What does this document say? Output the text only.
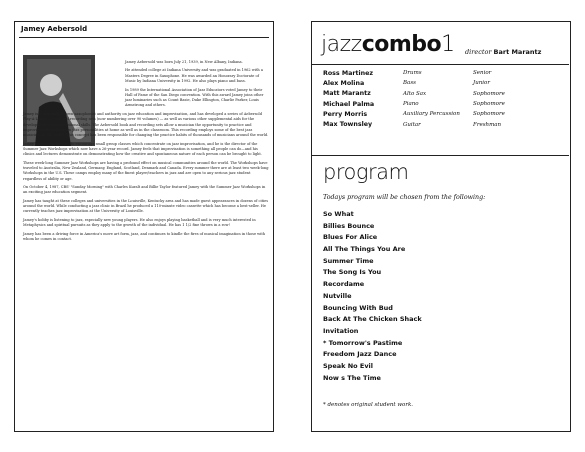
Jamey Aebersold

Jamey Aebersold was born July 21, 1939, in New Albany, Indiana.

He attended college at Indiana University and was graduated in 1962 with a Masters Degree in Saxophone. He was awarded an Honorary Doctorate of Music by Indiana University in 1992. He also plays piano and bass.

In 1989 the International Association of Jazz Educators voted Jamey to their Hall of Fame of the San Diego convention. With this award Jamey joins other jazz luminaries such as Count Basie, Duke Ellington, Charlie Parker, Louis Armstrong and others.

Jamey is a nationally-known saxophonist and authority on jazz education and improvisation, and has developed a series of Aebersold Play-A-Longs — book and recording sets (now numbering over 90 volumes) — as well as various other supplemental aids for the development of improvisational skills. The Aebersold book and recording sets allow a musician the opportunity to practice and improvise with well-known jazz personalities at home as well as in the classroom. This recording employs some of the best jazz musicians in the world. This concept has been responsible for changing the practice habits of thousands of musicians around the world.

Jamey was one of the first to encourage small group classes which concentrate on jazz improvisation, and he is the director of the Summer Jazz Workshops which now have a 26-year record. Jamey feels that improvisation is something all people can do—and his clinics and lectures demonstrate on demonstrating how the creative and spontaneous nature of each person can be brought to light.

These week-long Summer Jazz Workshops are having a profound effect on musical communities around the world. The Workshops have traveled to Australia, New Zealand, Germany, England, Scotland, Denmark and Canada. Every summer there are at least two week-long Workshops in the U.S. These camps employ many of the finest player/teachers in jazz and are open to any serious jazz student regardless of ability or age.

On October 4, 1987, CBS' "Sunday Morning" with Charles Kuralt and Billie Taylor featured Jamey with the Summer Jazz Workshops in an exciting jazz education segment.

Jamey has taught at these colleges and universities in the Louisville, Kentucky area and has made guest appearances in dozens of cities around the world. While conducting a jazz clinic in Brazil he produced a 110-minute video cassette which has become a best-seller. He currently teaches jazz improvisation at the University of Louisville.

Jamey's hobby is listening to jazz, especially new young players. He also enjoys playing basketball and is very much interested in Metaphysics and spiritual pursuits as they apply to the growth of the individual. He has 1 1/2 fine throws in a row!

Jamey has been a driving force in America's move art form, jazz, and continues to kindle the fires of musical imagination in those with whom he comes in contact.

jazzcombo1 director Bart Marantz
Ross Martinez	Drums	Senior
Alex Molina	Bass	Junior
Matt Marantz	Alto Sax	Sophomore
Michael Palma	Piano	Sophomore
Perry Morris	Auxiliary Percussion	Sophomore
Max Townsley	Guitar	Freshman
program
Todays program will be chosen from the following:
So What
Billies Bounce
Blues For Alice
All The Things You Are
Summer Time
The Song Is You
Recordame
Nutville
Bouncing With Bud
Back At The Chicken Shack
Invitation
* Tomorrow's Pastime
Freedom Jazz Dance
Speak No Evil
Now s The Time
* denotes original student work.
